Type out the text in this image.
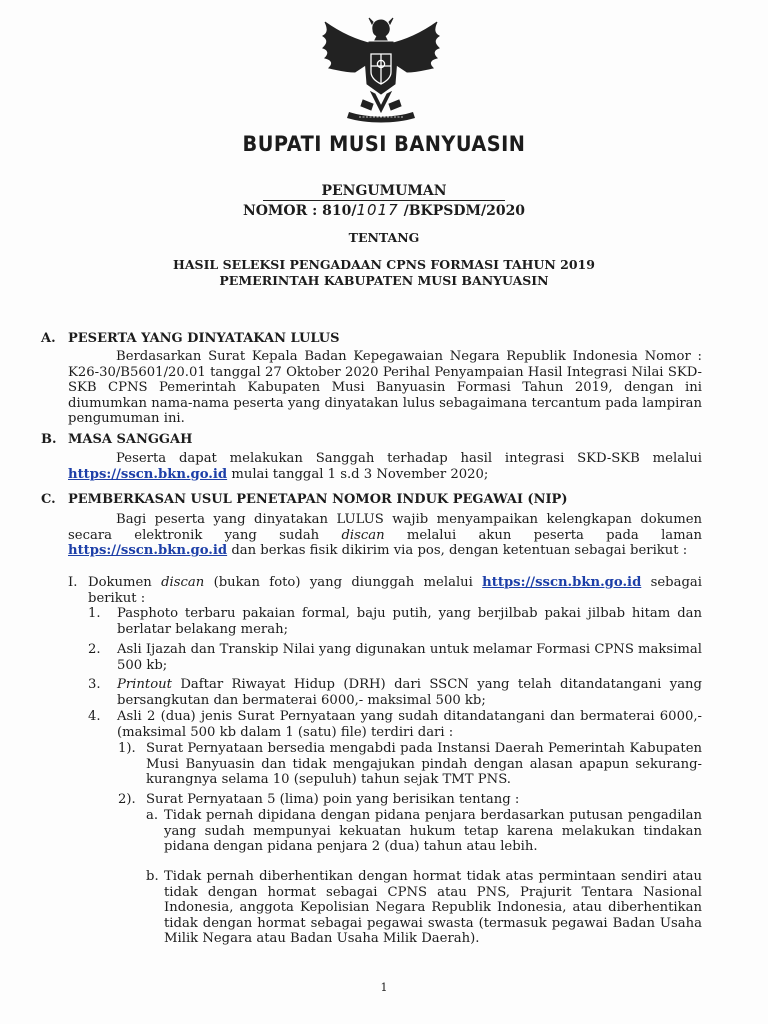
BUPATI MUSI BANYUASIN
PENGUMUMAN
NOMOR : 810/1017 /BKPSDM/2020
TENTANG
HASIL SELEKSI PENGADAAN CPNS FORMASI TAHUN 2019
PEMERINTAH KABUPATEN MUSI BANYUASIN
A. PESERTA YANG DINYATAKAN LULUS
Berdasarkan Surat Kepala Badan Kepegawaian Negara Republik Indonesia Nomor : K26-30/B5601/20.01 tanggal 27 Oktober 2020 Perihal Penyampaian Hasil Integrasi Nilai SKD-SKB CPNS Pemerintah Kabupaten Musi Banyuasin Formasi Tahun 2019, dengan ini diumumkan nama-nama peserta yang dinyatakan lulus sebagaimana tercantum pada lampiran pengumuman ini.
B. MASA SANGGAH
Peserta dapat melakukan Sanggah terhadap hasil integrasi SKD-SKB melalui https://sscn.bkn.go.id mulai tanggal 1 s.d 3 November 2020;
C. PEMBERKASAN USUL PENETAPAN NOMOR INDUK PEGAWAI (NIP)
Bagi peserta yang dinyatakan LULUS wajib menyampaikan kelengkapan dokumen secara elektronik yang sudah discan melalui akun peserta pada laman https://sscn.bkn.go.id dan berkas fisik dikirim via pos, dengan ketentuan sebagai berikut :
I. Dokumen discan (bukan foto) yang diunggah melalui https://sscn.bkn.go.id sebagai berikut :
1. Pasphoto terbaru pakaian formal, baju putih, yang berjilbab pakai jilbab hitam dan berlatar belakang merah;
2. Asli Ijazah dan Transkip Nilai yang digunakan untuk melamar Formasi CPNS maksimal 500 kb;
3. Printout Daftar Riwayat Hidup (DRH) dari SSCN yang telah ditandatangani yang bersangkutan dan bermaterai 6000,- maksimal 500 kb;
4. Asli 2 (dua) jenis Surat Pernyataan yang sudah ditandatangani dan bermaterai 6000,- (maksimal 500 kb dalam 1 (satu) file) terdiri dari :
1). Surat Pernyataan bersedia mengabdi pada Instansi Daerah Pemerintah Kabupaten Musi Banyuasin dan tidak mengajukan pindah dengan alasan apapun sekurang-kurangnya selama 10 (sepuluh) tahun sejak TMT PNS.
2). Surat Pernyataan 5 (lima) poin yang berisikan tentang :
a. Tidak pernah dipidana dengan pidana penjara berdasarkan putusan pengadilan yang sudah mempunyai kekuatan hukum tetap karena melakukan tindakan pidana dengan pidana penjara 2 (dua) tahun atau lebih.
b. Tidak pernah diberhentikan dengan hormat tidak atas permintaan sendiri atau tidak dengan hormat sebagai CPNS atau PNS, Prajurit Tentara Nasional Indonesia, anggota Kepolisian Negara Republik Indonesia, atau diberhentikan tidak dengan hormat sebagai pegawai swasta (termasuk pegawai Badan Usaha Milik Negara atau Badan Usaha Milik Daerah).
1
